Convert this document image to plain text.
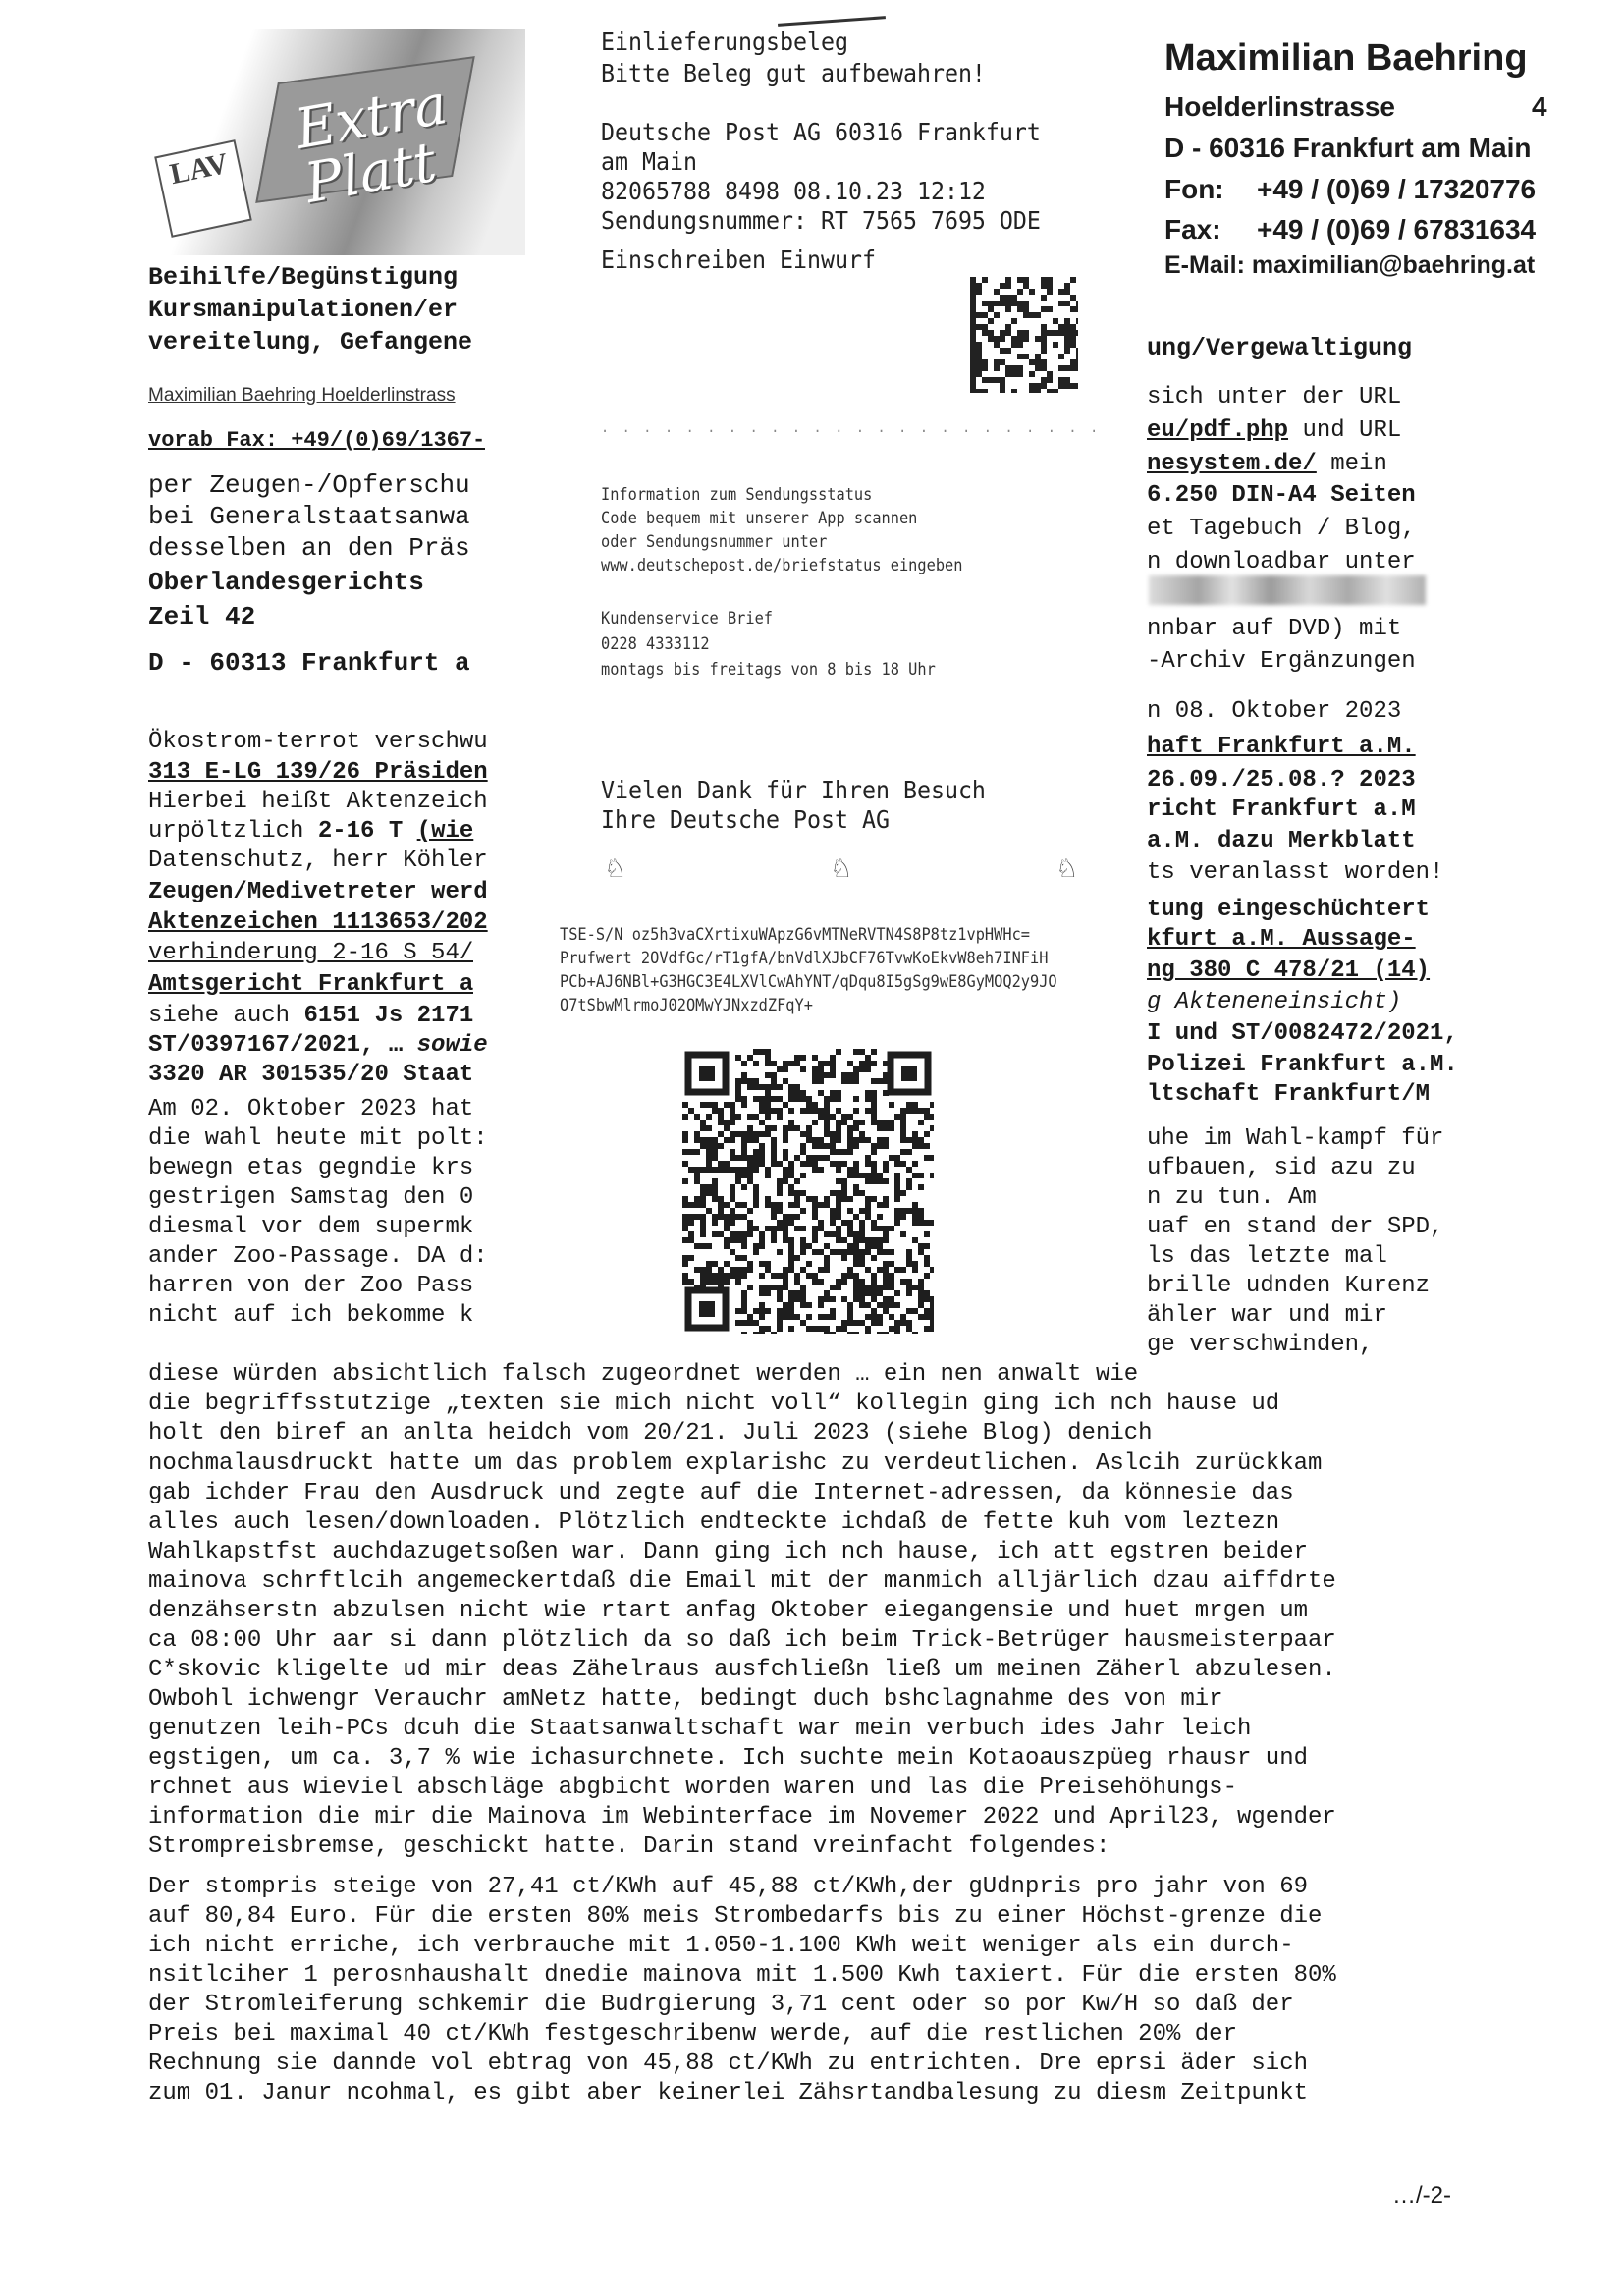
LAV
Extra Platt
Maximilian Baehring
Hoelderlinstrasse	4
D - 60316 Frankfurt am Main
Fon: +49 / (0)69 / 17320776
Fax: +49 / (0)69 / 67831634
E-Mail: maximilian@baehring.at
Beihilfe/Begünstigung
Kursmanipulationen/er
vereitelung, Gefangene
Maximilian Baehring Hoelderlinstrass
vorab Fax: +49/(0)69/1367-
per Zeugen-/Opferschu
bei Generalstaatsanwa
desselben an den Präs
Oberlandesgerichts
Zeil 42
D - 60313 Frankfurt a
ung/Vergewaltigung
sich unter der URL
eu/pdf.php und URL
nesystem.de/ mein
6.250 DIN-A4 Seiten
et Tagebuch / Blog,
n downloadbar unter
nnbar auf DVD) mit
-Archiv Ergänzungen
n 08. Oktober 2023
Ökostrom-terrot verschwu
313 E-LG 139/26 Präsiden
Hierbei heißt Aktenzeich
urpöltzlich 2-16 T (wie
Datenschutz, herr Köhler
Zeugen/Medivetreter werd
Aktenzeichen 1113653/202
verhinderung 2-16 S 54/
Amtsgericht Frankfurt a
siehe auch 6151 Js 2171
ST/0397167/2021, … sowie
3320 AR 301535/20 Staat
Am 02. Oktober 2023 hat
die wahl heute mit polt:
bewegn etas gegndie krs
gestrigen Samstag den 0
diesmal vor dem supermk
ander Zoo-Passage. DA d:
harren von der Zoo Pass
nicht auf ich bekomme k
haft Frankfurt a.M.
26.09./25.08.? 2023
richt Frankfurt a.M
a.M. dazu Merkblatt
ts veranlasst worden!
tung eingeschüchtert
kfurt a.M. Aussage-
ng 380 C 478/21 (14)
g Akteneneinsicht)
I und ST/0082472/2021,
Polizei Frankfurt a.M.
ltschaft Frankfurt/M
uhe im Wahl-kampf für
ufbauen, sid azu zu
n zu tun. Am
uaf en stand der SPD,
ls das letzte mal
brille udnden Kurenz
ähler war und mir
ge verschwinden,
Einlieferungsbeleg
Bitte Beleg gut aufbewahren!
Deutsche Post AG 60316 Frankfurt
am Main
82065788 8498 08.10.23 12:12
Sendungsnummer: RT 7565 7695 ODE
Einschreiben Einwurf
. . . . . . . . . . . . . . . . . . . . . . . .
Information zum Sendungsstatus
Code bequem mit unserer App scannen
oder Sendungsnummer unter
www.deutschepost.de/briefstatus eingeben
Kundenservice Brief
0228 4333112
montags bis freitags von 8 bis 18 Uhr
Vielen Dank für Ihren Besuch
Ihre Deutsche Post AG
♘	♘	♘
TSE-S/N oz5h3vaCXrtixuWApzG6vMTNeRVTN4S8P8tz1vpHWHc=
Prufwert 2OVdfGc/rT1gfA/bnVdlXJbCF76TvwKoEkvW8eh7INFiH
PCb+AJ6NBl+G3HGC3E4LXVlCwAhYNT/qDqu8I5gSg9wE8GyMOQ2y9JO
O7tSbwMlrmoJ02OMwYJNxzdZFqY+
diese würden absichtlich falsch zugeordnet werden … ein nen anwalt wie
die begriffsstutzige „texten sie mich nicht voll“ kollegin ging ich nch hause ud
holt den biref an anlta heidch vom 20/21. Juli 2023 (siehe Blog) denich
nochmalausdruckt hatte um das problem explarishc zu verdeutlichen. Aslcih zurückkam
gab ichder Frau den Ausdruck und zegte auf die Internet-adressen, da könnesie das
alles auch lesen/downloaden. Plötzlich endteckte ichdaß de fette kuh vom leztezn
Wahlkapstfst auchdazugetsoßen war. Dann ging ich nch hause, ich att egstren beider
mainova schrftlcih angemeckertdaß die Email mit der manmich alljärlich dzau aiffdrte
denzähserstn abzulsen nicht wie rtart anfag Oktober eiegangensie und huet mrgen um
ca 08:00 Uhr aar si dann plötzlich da so daß ich beim Trick-Betrüger hausmeisterpaar
C*skovic kligelte ud mir deas Zähelraus ausfchließn ließ um meinen Zäherl abzulesen.
Owbohl ichwengr Verauchr amNetz hatte, bedingt duch bshclagnahme des von mir
genutzen leih-PCs dcuh die Staatsanwaltschaft war mein verbuch ides Jahr leich
egstigen, um ca. 3,7 % wie ichasurchnete. Ich suchte mein Kotaoauszpüeg rhausr und
rchnet aus wieviel abschläge abgbicht worden waren und las die Preisehöhungs-
information die mir die Mainova im Webinterface im Novemer 2022 und April23, wgender
Strompreisbremse, geschickt hatte. Darin stand vreinfacht folgendes:
Der stompris steige von 27,41 ct/KWh auf 45,88 ct/KWh,der gUdnpris pro jahr von 69
auf 80,84 Euro. Für die ersten 80% meis Strombedarfs bis zu einer Höchst-grenze die
ich nicht erriche, ich verbrauche mit 1.050-1.100 KWh weit weniger als ein durch-
nsitlciher 1 perosnhaushalt dnedie mainova mit 1.500 Kwh taxiert. Für die ersten 80%
der Stromleiferung schkemir die Budrgierung 3,71 cent oder so por Kw/H so daß der
Preis bei maximal 40 ct/KWh festgeschribenw werde, auf die restlichen 20% der
Rechnung sie dannde vol ebtrag von 45,88 ct/KWh zu entrichten. Dre eprsi äder sich
zum 01. Janur ncohmal, es gibt aber keinerlei Zähsrtandbalesung zu diesm Zeitpunkt
…/-2-
